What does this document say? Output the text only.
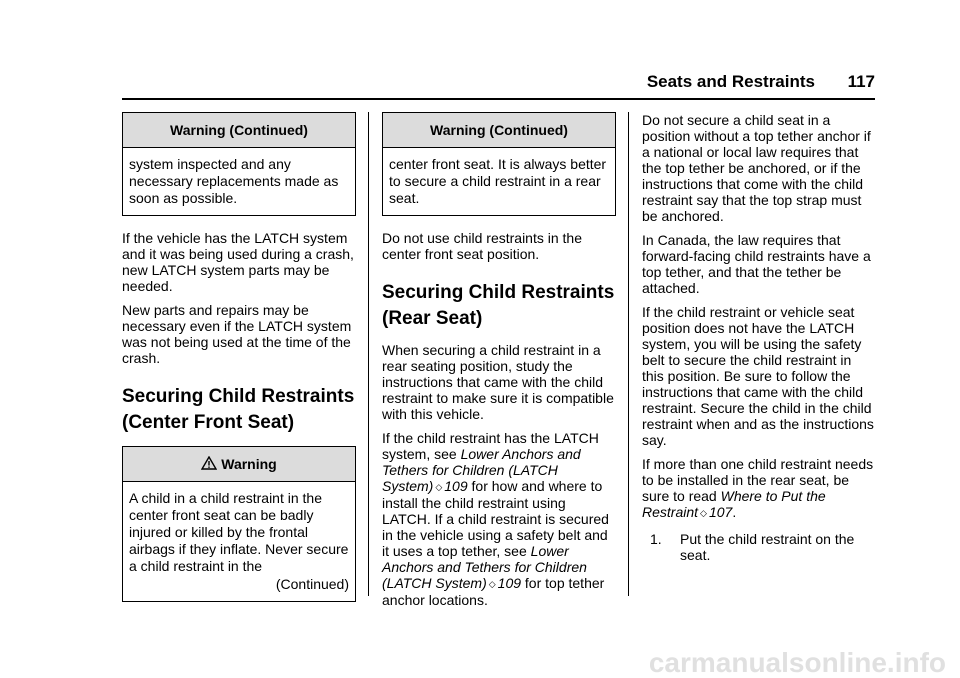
Seats and Restraints 117
Warning (Continued)
system inspected and any necessary replacements made as soon as possible.

If the vehicle has the LATCH system and it was being used during a crash, new LATCH system parts may be needed.

New parts and repairs may be necessary even if the LATCH system was not being used at the time of the crash.

Securing Child Restraints (Center Front Seat)
Warning
A child in a child restraint in the center front seat can be badly injured or killed by the frontal airbags if they inflate. Never secure a child restraint in the
(Continued)
Warning (Continued)
center front seat. It is always better to secure a child restraint in a rear seat.

Do not use child restraints in the center front seat position.

Securing Child Restraints (Rear Seat)

When securing a child restraint in a rear seating position, study the instructions that came with the child restraint to make sure it is compatible with this vehicle.

If the child restraint has the LATCH system, see Lower Anchors and Tethers for Children (LATCH System) ◇ 109 for how and where to install the child restraint using LATCH. If a child restraint is secured in the vehicle using a safety belt and it uses a top tether, see Lower Anchors and Tethers for Children (LATCH System) ◇ 109 for top tether anchor locations.

Do not secure a child seat in a position without a top tether anchor if a national or local law requires that the top tether be anchored, or if the instructions that come with the child restraint say that the top strap must be anchored.

In Canada, the law requires that forward-facing child restraints have a top tether, and that the tether be attached.

If the child restraint or vehicle seat position does not have the LATCH system, you will be using the safety belt to secure the child restraint in this position. Be sure to follow the instructions that came with the child restraint. Secure the child in the child restraint when and as the instructions say.

If more than one child restraint needs to be installed in the rear seat, be sure to read Where to Put the Restraint ◇ 107.

1. Put the child restraint on the seat.
carmanualsonline.info
